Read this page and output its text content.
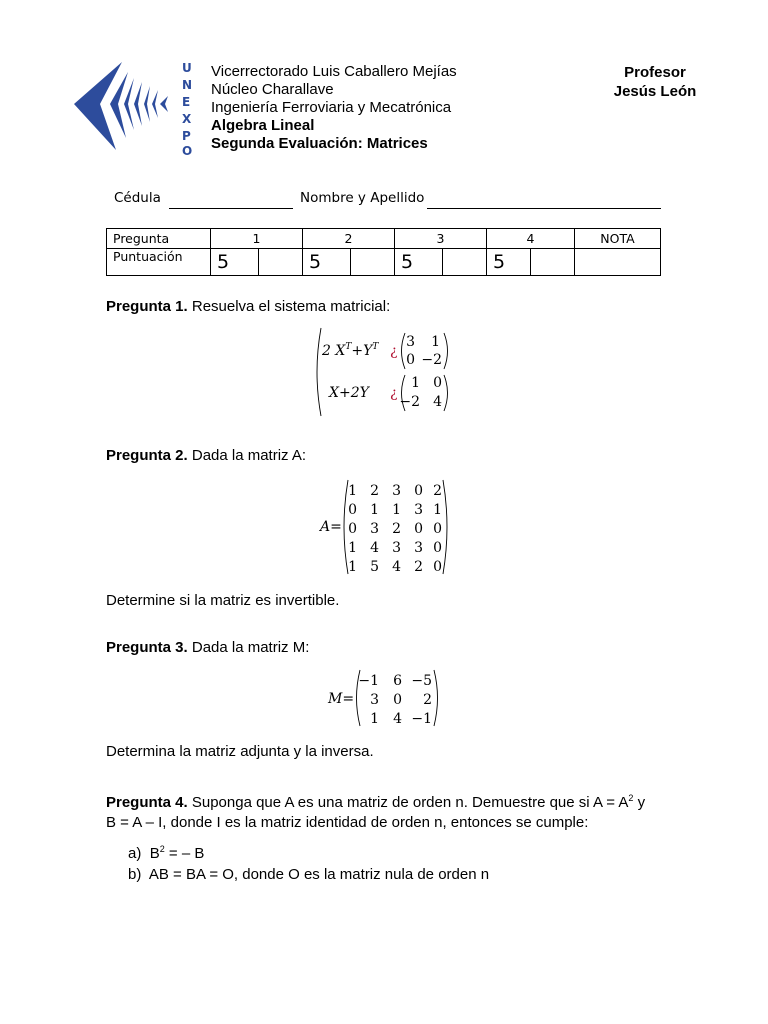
U
N
E
X
P
O
Vicerrectorado Luis Caballero Mejías
Núcleo Charallave
Ingeniería Ferroviaria y Mecatrónica
Algebra Lineal
Segunda Evaluación: Matrices
Profesor
Jesús León
Cédula	Nombre y Apellido
Pregunta	1		2		3		4		NOTA
Puntuación	5		5		5		5		
Pregunta 1. Resuelva el sistema matricial:
2 $X^T+Y^T$
X+2Y
¿
¿
3 1
0 −2
1 0
−2 4
Pregunta 2. Dada la matriz A:
A=
1 2 3 0 2
0 1 1 3 1
0 3 2 0 0
1 4 3 3 0
1 5 4 2 0
Determine si la matriz es invertible.
Pregunta 3. Dada la matriz M:
M=
−1 6 −5
3 0 2
1 4 −1
Determina la matriz adjunta y la inversa.
Pregunta 4. Suponga que A es una matriz de orden n. Demuestre que si $A = A^2$ y
B = A – I, donde I es la matriz identidad de orden n, entonces se cumple:
a) $B^2$ = – B
b) AB = BA = O, donde O es la matriz nula de orden n
